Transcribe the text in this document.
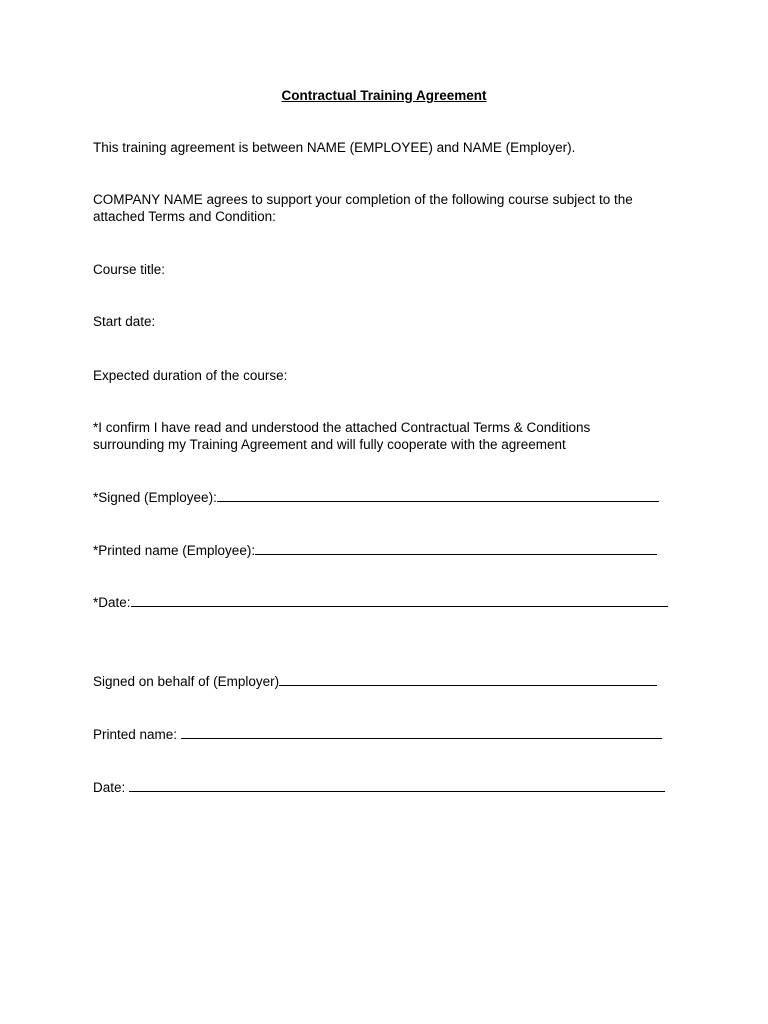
Contractual Training Agreement
This training agreement is between NAME (EMPLOYEE) and NAME (Employer).
COMPANY NAME agrees to support your completion of the following course subject to the
attached Terms and Condition:
Course title:
Start date:
Expected duration of the course:
*I confirm I have read and understood the attached Contractual Terms & Conditions
surrounding my Training Agreement and will fully cooperate with the agreement
*Signed (Employee):
*Printed name (Employee):
*Date:
Signed on behalf of (Employer)
Printed name:
Date:
